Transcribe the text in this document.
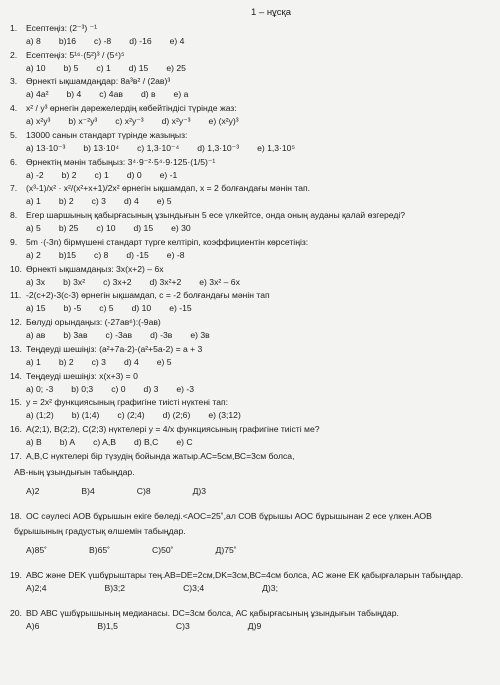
1 – нұсқа
1. Есептеңіз: (2⁻³) ⁻¹
а) 8 b)16 c) -8 d) -16 e) 4
2. Есептеңіз: 5¹⁶·(5²)³ / (5⁴)⁵
а) 10 b) 5 c) 1 d) 15 e) 25
3. Өрнекті ықшамдаңдар: 8a³в² / (2ав)³
а) 4а² b) 4 c) 4ав d) в e) а
4. x² / y³ өрнегін дәрежелердің көбейтіндісі түрінде жаз:
а) x²y³ b) x⁻²y³ c) x²y⁻³ d) x²y⁻³ e) (x²y)³
5. 13000 санын стандарт түрінде жазыңыз:
а) 13·10⁻³ b) 13·10⁴ c) 1,3·10⁻⁴ d) 1,3·10⁻³ e) 1,3·10⁵
6. Өрнектің мәнін табыңыз: 3⁴·9⁻²·5⁴·9·125·(1/5)⁻¹
а) -2 b) 2 c) 1 d) 0 e) -1
7. (x³-1)/x² · x²/(x²+x+1)/2x² өрнегін ықшамдап, x = 2 болғандағы мәнін тап.
а) 1 b) 2 c) 3 d) 4 e) 5
8. Егер шаршының қабырғасының ұзындығын 5 есе үлкейтсе, онда оның ауданы қалай өзгереді?
а) 5 b) 25 c) 10 d) 15 e) 30
9. 5m ·(-3n) бірмүшені стандарт түрге келтіріп, коэффициентін көрсетіңіз:
а) 2 b)15 c) 8 d) -15 e) -8
10. Өрнекті ықшамдаңыз: 3x(x+2) – 6x
а) 3x b) 3x² c) 3x+2 d) 3x²+2 e) 3x² – 6x
11. -2(c+2)-3(c-3) өрнегін ықшамдап, с = -2 болғандағы мәнін тап
а) 15 b) -5 c) 5 d) 10 e) -15
12. Бөлуді орындаңыз: (-27ав⁶):(-9ав)
а) ав b) 3ав c) -3ав d) -3в e) 3в
13. Теңдеуді шешіңіз: (a²+7a-2)-(a²+5a-2) = a + 3
а) 1 b) 2 c) 3 d) 4 e) 5
14. Теңдеуді шешіңіз: x(x+3) = 0
а) 0; -3 b) 0;3 c) 0 d) 3 e) -3
15. y = 2x² функциясының графигіне тиісті нүктені тап:
а) (1;2) b) (1;4) c) (2;4) d) (2;6) e) (3;12)
16. A(2;1), B(2;2), C(2;3) нүктелері y = 4/x функциясының графигіне тиісті ме?
а) B b) A c) A,B d) B,C e) C
17. A,B,C нүктелері бір түзудің бойында жатыр.АС=5см,ВС=3см болса,
AB-ның ұзындығын табыңдар.
А)2	В)4	С)8	Д)3
18. ОС сәулесі АОВ бұрышын екіге бөледі.<АОС=25˚,ал СОВ бұрышы АОС бұрышынан 2 есе үлкен.АОВ
бұрышының градустық өлшемін табыңдар.
А)85˚	В)65˚	С)50˚	Д)75˚
19. АВС және DEK үшбұрыштары тең.АВ=DE=2см,DK=3см,ВС=4см болса, АС және ЕК қабырғаларын табыңдар.
А)2;4	В)3;2	С)3;4	Д)3;
20. BD АВС үшбұрышының медианасы. DC=3см болса, АС қабырғасының ұзындығын табыңдар.
А)6	В)1,5	С)3	Д)9
